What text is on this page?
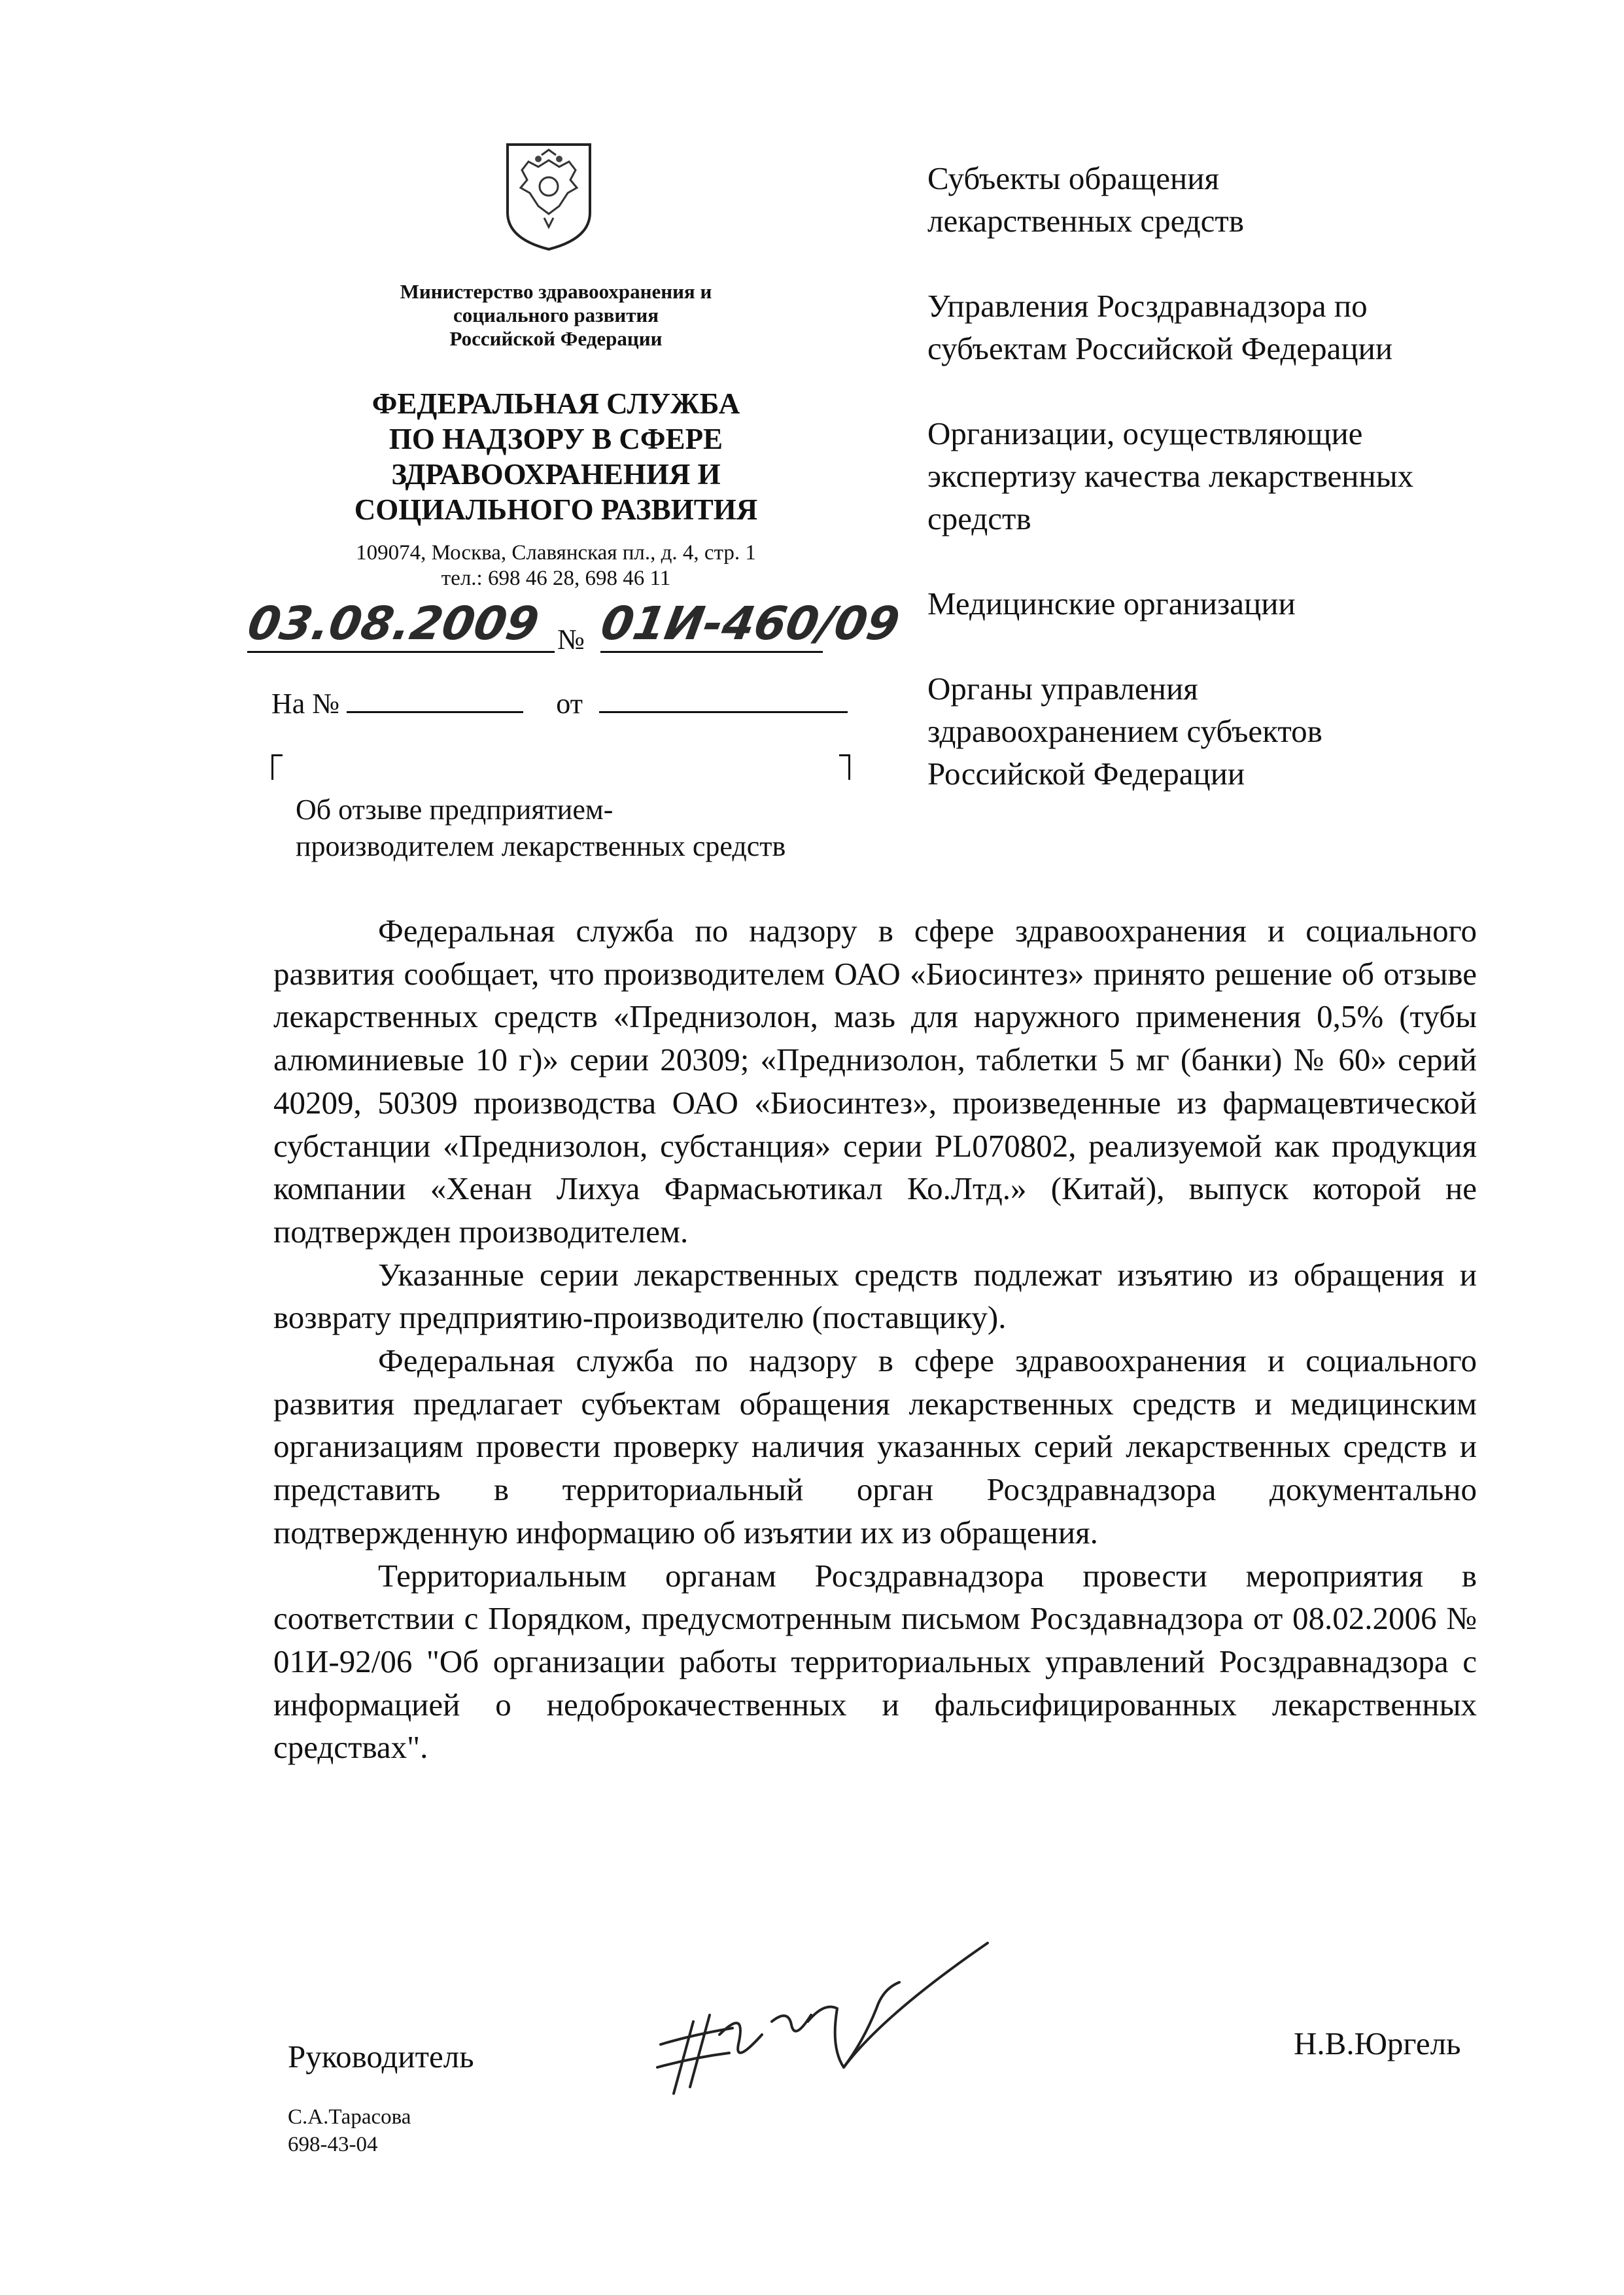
Министерство здравоохранения и
социального развития
Российской Федерации
ФЕДЕРАЛЬНАЯ СЛУЖБА
ПО НАДЗОРУ В СФЕРЕ
ЗДРАВООХРАНЕНИЯ И
СОЦИАЛЬНОГО РАЗВИТИЯ
109074, Москва, Славянская пл., д. 4, стр. 1
тел.: 698 46 28, 698 46 11
03.08.2009 № 01И-460/09
На №	от
Об отзыве предприятием-
производителем лекарственных средств
Субъекты обращения
лекарственных средств
Управления Росздравнадзора по
субъектам Российской Федерации
Организации, осуществляющие
экспертизу качества лекарственных
средств
Медицинские организации
Органы управления
здравоохранением субъектов
Российской Федерации

Федеральная служба по надзору в сфере здравоохранения и социального развития сообщает, что производителем ОАО «Биосинтез» принято решение об отзыве лекарственных средств «Преднизолон, мазь для наружного применения 0,5% (тубы алюминиевые 10 г)» серии 20309; «Преднизолон, таблетки 5 мг (банки) № 60» серий 40209, 50309 производства ОАО «Биосинтез», произведенные из фармацевтической субстанции «Преднизолон, субстанция» серии PL070802, реализуемой как продукция компании «Хенан Лихуа Фармасьютикал Ко.Лтд.» (Китай), выпуск которой не подтвержден производителем.

Указанные серии лекарственных средств подлежат изъятию из обращения и возврату предприятию-производителю (поставщику).

Федеральная служба по надзору в сфере здравоохранения и социального развития предлагает субъектам обращения лекарственных средств и медицинским организациям провести проверку наличия указанных серий лекарственных средств и представить в территориальный орган Росздравнадзора документально подтвержденную информацию об изъятии их из обращения.

Территориальным органам Росздравнадзора провести мероприятия в соответствии с Порядком, предусмотренным письмом Росздавнадзора от 08.02.2006 № 01И-92/06 "Об организации работы территориальных управлений Росздравнадзора с информацией о недоброкачественных и фальсифицированных лекарственных средствах".

Руководитель	Н.В.Юргель
С.А.Тарасова
698-43-04
